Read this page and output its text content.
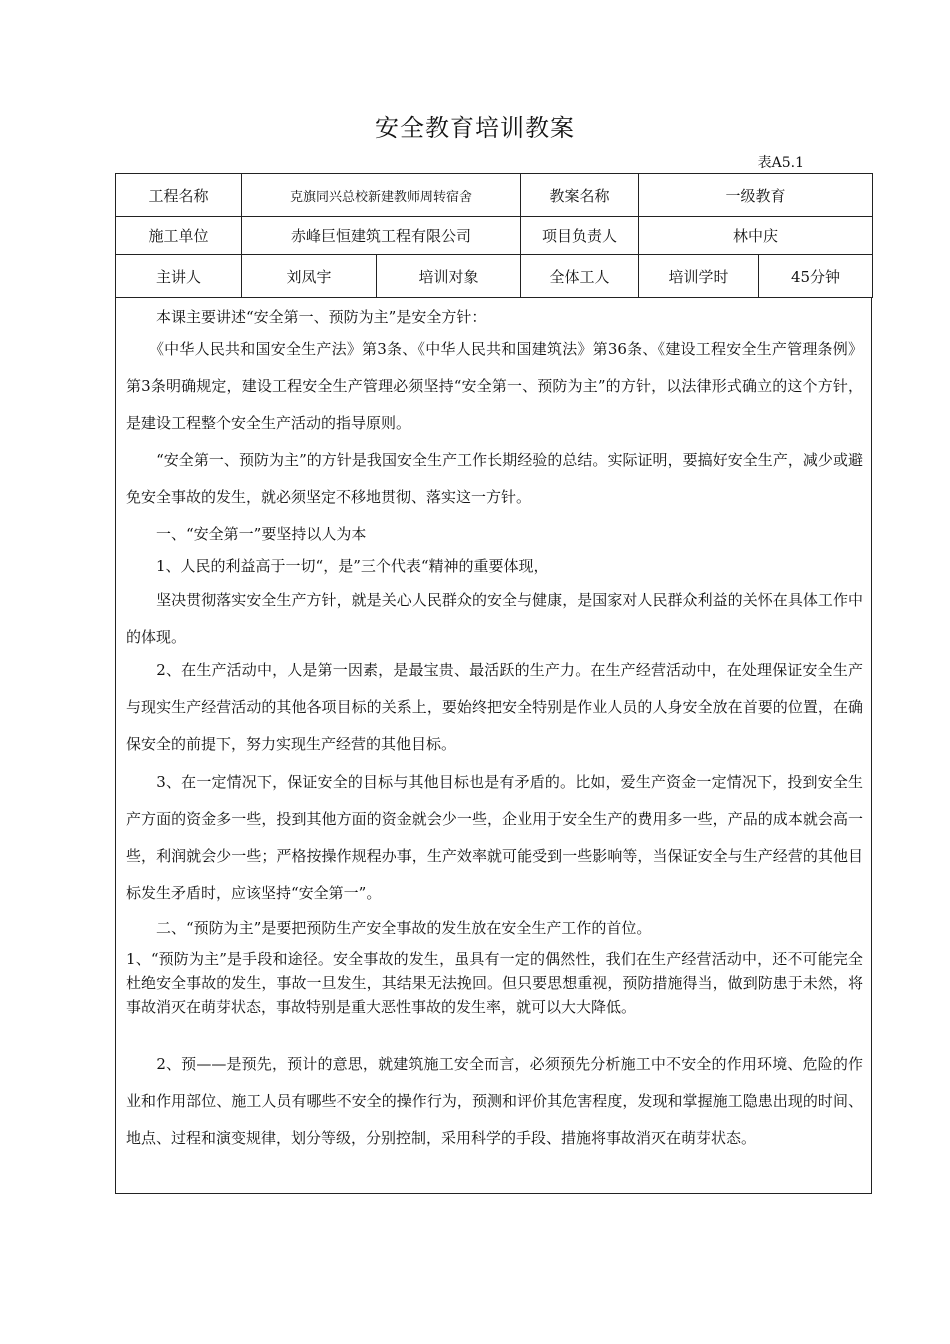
安全教育培训教案
表A5.1
工程名称	克旗同兴总校新建教师周转宿舍		教案名称	一级教育	
施工单位	赤峰巨恒建筑工程有限公司		项目负责人	林中庆	
主讲人	刘凤宇	培训对象	全体工人	培训学时	45分钟

　　本课主要讲述“安全第一、预防为主”是安全方针：

　　《中华人民共和国安全生产法》第3条、《中华人民共和国建筑法》第36条、《建设工程安全生产管理条例》第3条明确规定，建设工程安全生产管理必须坚持“安全第一、预防为主”的方针，以法律形式确立的这个方针，是建设工程整个安全生产活动的指导原则。

　　“安全第一、预防为主”的方针是我国安全生产工作长期经验的总结。实际证明，要搞好安全生产，减少或避免安全事故的发生，就必须坚定不移地贯彻、落实这一方针。

　　一、“安全第一”要坚持以人为本

　　1、人民的利益高于一切“，是”三个代表“精神的重要体现，

　　坚决贯彻落实安全生产方针，就是关心人民群众的安全与健康，是国家对人民群众利益的关怀在具体工作中的体现。

　　2、在生产活动中，人是第一因素，是最宝贵、最活跃的生产力。在生产经营活动中，在处理保证安全生产与现实生产经营活动的其他各项目标的关系上，要始终把安全特别是作业人员的人身安全放在首要的位置，在确保安全的前提下，努力实现生产经营的其他目标。

　　3、在一定情况下，保证安全的目标与其他目标也是有矛盾的。比如，爱生产资金一定情况下，投到安全生产方面的资金多一些，投到其他方面的资金就会少一些，企业用于安全生产的费用多一些，产品的成本就会高一些，利润就会少一些；严格按操作规程办事，生产效率就可能受到一些影响等，当保证安全与生产经营的其他目标发生矛盾时，应该坚持“安全第一”。

　　二、“预防为主”是要把预防生产安全事故的发生放在安全生产工作的首位。

1、“预防为主”是手段和途径。安全事故的发生，虽具有一定的偶然性，我们在生产经营活动中，还不可能完全杜绝安全事故的发生，事故一旦发生，其结果无法挽回。但只要思想重视，预防措施得当，做到防患于未然，将事故消灭在萌芽状态，事故特别是重大恶性事故的发生率，就可以大大降低。

　　2、预——是预先，预计的意思，就建筑施工安全而言，必须预先分析施工中不安全的作用环境、危险的作业和作用部位、施工人员有哪些不安全的操作行为，预测和评价其危害程度，发现和掌握施工隐患出现的时间、地点、过程和演变规律，划分等级，分别控制，采用科学的手段、措施将事故消灭在萌芽状态。
